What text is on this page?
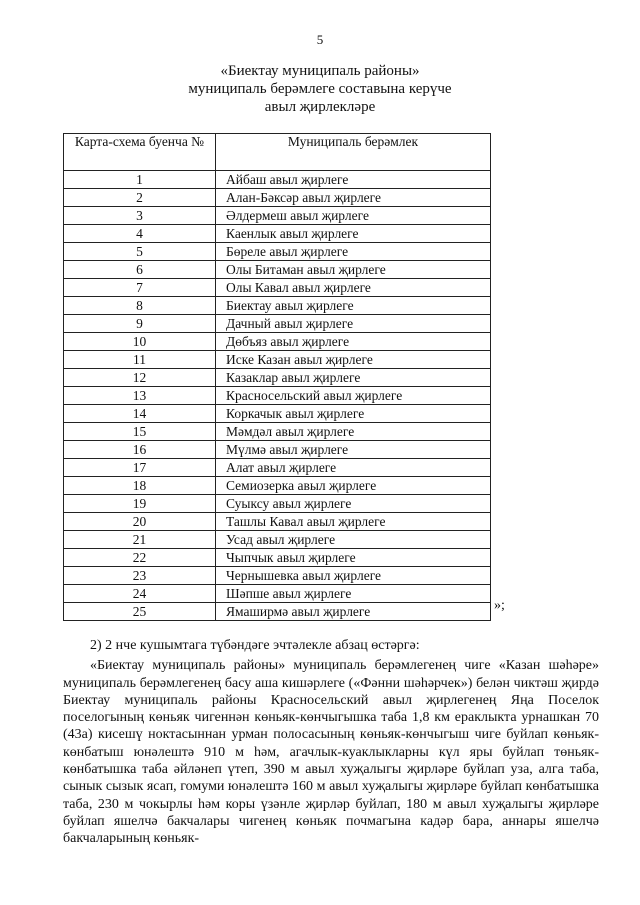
5
«Биектау муниципаль районы»
муниципаль берәмлеге составына керүче
авыл җирлекләре
Карта-схема буенча №	Муниципаль берәмлек
1	Айбаш авыл җирлеге
2	Алан-Бәксәр авыл җирлеге
3	Әлдермеш авыл җирлеге
4	Каенлык авыл җирлеге
5	Бөреле авыл җирлеге
6	Олы Битаман авыл җирлеге
7	Олы Кавал авыл җирлеге
8	Биектау авыл җирлеге
9	Дачный авыл җирлеге
10	Дөбъяз авыл җирлеге
11	Иске Казан авыл җирлеге
12	Казаклар авыл җирлеге
13	Красносельский авыл җирлеге
14	Коркачык авыл җирлеге
15	Мәмдәл авыл җирлеге
16	Мүлмә авыл җирлеге
17	Алат авыл җирлеге
18	Семиозерка авыл җирлеге
19	Суыксу авыл җирлеге
20	Ташлы Кавал авыл җирлеге
21	Усад авыл җирлеге
22	Чыпчык авыл җирлеге
23	Чернышевка авыл җирлеге
24	Шәпше авыл җирлеге
25	Ямаширмә авыл җирлеге	»;

2) 2 нче кушымтага түбәндәге эчтәлекле абзац өстәргә:

«Биектау муниципаль районы» муниципаль берәмлегенең чиге «Казан шәһәре» муниципаль берәмлегенең басу аша кишәрлеге («Фәнни шәһәрчек») белән чиктәш җирдә Биектау муниципаль районы Красносельский авыл җирлегенең Яңа Поселок поселогының көньяк чигеннән көньяк-көнчыгышка таба 1,8 км ераклыкта урнашкан 70 (43а) кисешү ноктасыннан урман полосасының көньяк-көнчыгыш чиге буйлап көньяк-көнбатыш юнәлештә 910 м һәм, агачлык-куаклыкларны күл яры буйлап төньяк-көнбатышка таба әйләнеп үтеп, 390 м авыл хуҗалыгы җирләре буйлап уза, алга таба, сынык сызык ясап, гомуми юнәлештә 160 м авыл хуҗалыгы җирләре буйлап көнбатышка таба, 230 м чокырлы һәм коры үзәнле җирләр буйлап, 180 м авыл хуҗалыгы җирләре буйлап яшелчә бакчалары чигенең көньяк почмагына кадәр бара, аннары яшелчә бакчаларының көньяк-
